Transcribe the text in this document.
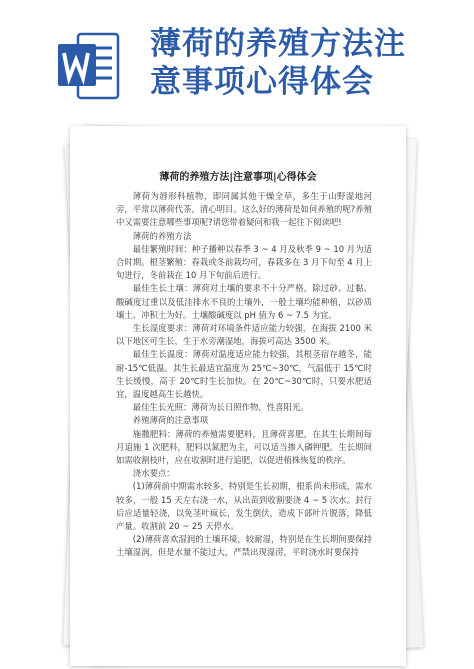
薄荷的养殖方法注
意事项心得体会
薄荷的养殖方法|注意事项|心得体会

薄荷为唇形科植物，即同属其他干燥全草，多生于山野湿地河旁，平常以薄荷代茶，清心明目。这么好的薄荷是如何养殖的呢?养殖中又需要注意哪些事项呢?请您带着疑问和我一起往下阅读吧!

薄荷的养殖方法

最佳繁殖时间：种子播种以春季 3 ~ 4 月及秋季 9 ~ 10 月为适合时期。根茎繁殖：春栽或冬前栽均可，春栽多在 3 月下旬至 4 月上旬进行，冬前栽在 10 月下旬前后进行。

最佳生长土壤：薄荷对土壤的要求不十分严格，除过砂、过黏、酸碱度过重以及低洼排水不良的土壤外，一般土壤均能种植，以砂质壤土、冲积土为好。土壤酸碱度以 pH 值为 6 ~ 7.5 为宜。

生长湿度要求：薄荷对环境条件适应能力较强，在海拔 2100 米以下地区可生长，生于水旁潮湿地，海拔可高达 3500 米。

最佳生长温度：薄荷对温度适应能力较强，其根茎宿存越冬，能耐-15℃低温。其生长最适宜温度为 25℃~30℃，气温低于 15℃时生长缓慢，高于 20℃时生长加快。在 20℃~30℃时，只要水肥适宜，温度越高生长越快。

最佳生长光照：薄荷为长日照作物，性喜阳光。

养殖薄荷的注意事项

施撒肥料：薄荷的养殖需要肥料，且薄荷喜肥，在其生长期间每月追施 1 次肥料，肥料以氮肥为主，可以适当掺入磷钾肥。生长期间如需收割枝叶，应在收割时进行追肥，以促进植株恢复的秩序。

浇水要点：

(1)薄荷前中期需水较多，特别是生长初期，根系尚未形成，需水较多，一般 15 天左右浇一水，从出苗到收割要浇 4 ~ 5 次水。封行后应适量轻浇，以免茎叶疯长，发生倒伏，造成下部叶片脱落，降低产量。收割前 20 ~ 25 天停水。

(2)薄荷喜欢湿润的土壤环境，较耐湿，特别是在生长期间要保持土壤湿润，但是水量不能过大，严禁出现湿涝，平时浇水时要保持
